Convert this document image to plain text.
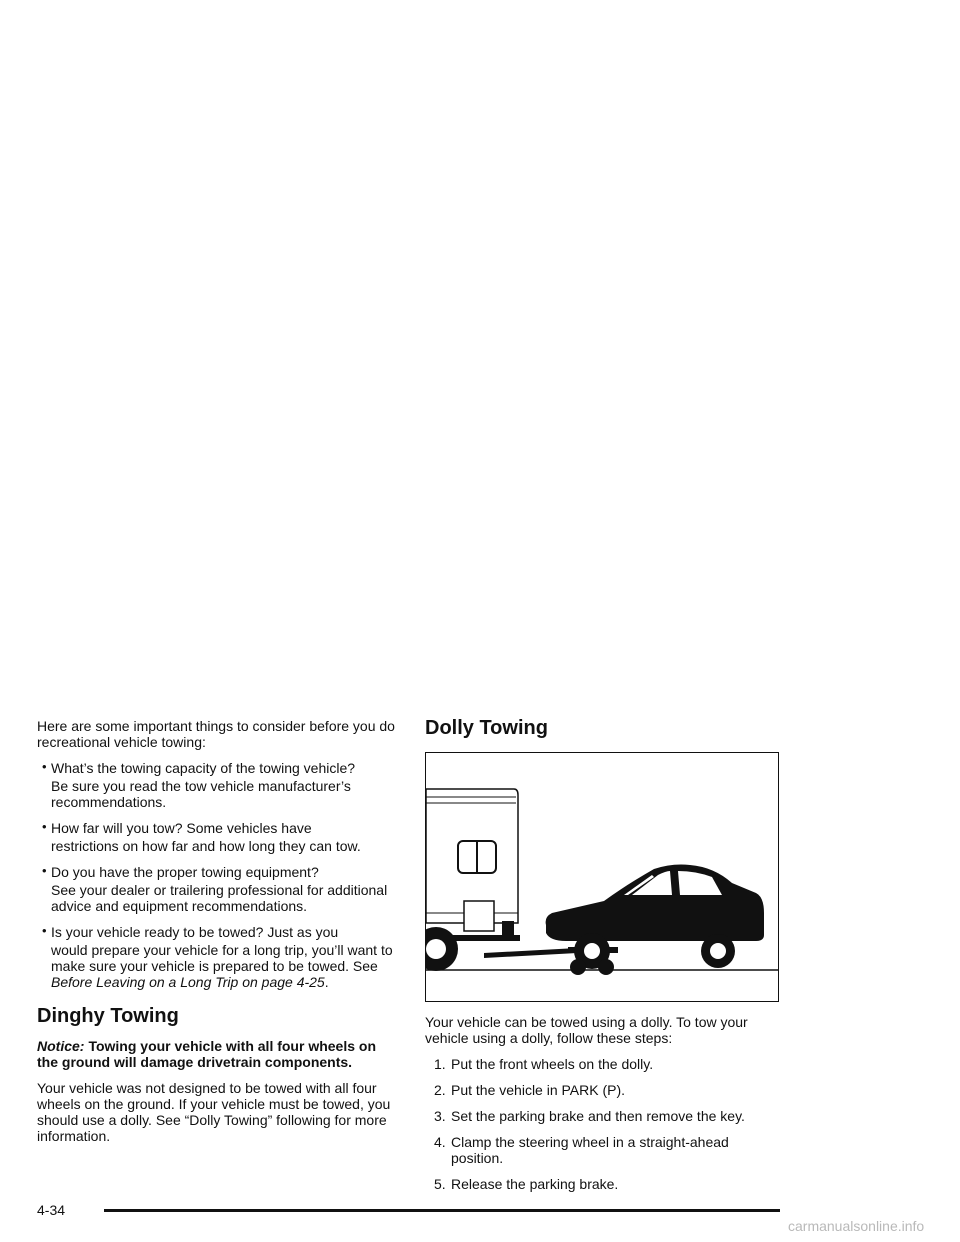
Here are some important things to consider before you do recreational vehicle towing:

• What’s the towing capacity of the towing vehicle?
Be sure you read the tow vehicle manufacturer’s recommendations.
• How far will you tow? Some vehicles have
restrictions on how far and how long they can tow.
• Do you have the proper towing equipment?
See your dealer or trailering professional for additional advice and equipment recommendations.
• Is your vehicle ready to be towed? Just as you
would prepare your vehicle for a long trip, you’ll want to make sure your vehicle is prepared to be towed. See Before Leaving on a Long Trip on page 4-25.
Dinghy Towing

Notice: Towing your vehicle with all four wheels on the ground will damage drivetrain components.

Your vehicle was not designed to be towed with all four wheels on the ground. If your vehicle must be towed, you should use a dolly. See “Dolly Towing” following for more information.

Dolly Towing

Your vehicle can be towed using a dolly. To tow your vehicle using a dolly, follow these steps:

1. Put the front wheels on the dolly.
2. Put the vehicle in PARK (P).
3. Set the parking brake and then remove the key.
4. Clamp the steering wheel in a straight-ahead position.
5. Release the parking brake.
4-34
carmanualsonline.info
